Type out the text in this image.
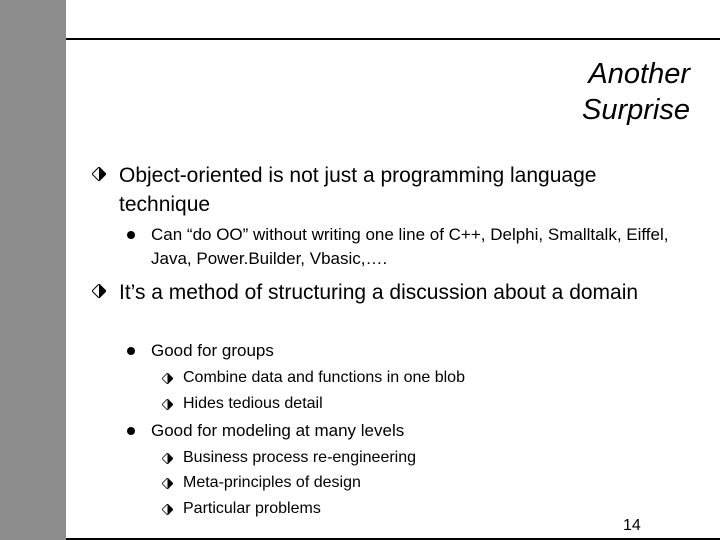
Another
Surprise
Object-oriented is not just a programming language technique
Can “do OO” without writing one line of C++, Delphi, Smalltalk, Eiffel, Java, Power.Builder, Vbasic,….
It’s a method of structuring a discussion about a domain
Good for groups
Combine data and functions in one blob
Hides tedious detail
Good for modeling at many levels
Business process re-engineering
Meta-principles of design
Particular problems
14
